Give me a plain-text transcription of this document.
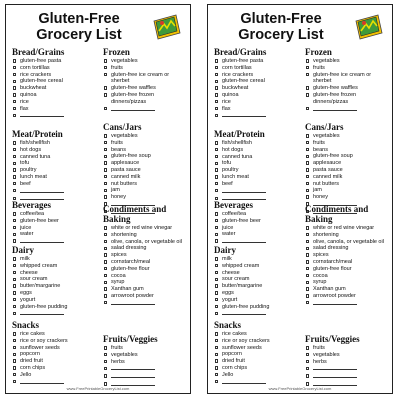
Gluten-Free
Grocery List
Bread/Grains
gluten-free pasta
corn tortillas
rice crackers
gluten-free cereal
buckwheat
quinoa
rice
flax
Meat/Protein
fish/shellfish
hot dogs
canned tuna
tofu
poultry
lunch meat
beef
Beverages
coffee/tea
gluten-free beer
juice
water
Dairy
milk
whipped cream
cheese
sour cream
butter/margarine
eggs
yogurt
gluten-free pudding
Snacks
rice cakes
rice or soy crackers
sunflower seeds
popcorn
dried fruit
corn chips
Jello
Frozen
vegetables
fruits
gluten-free ice cream or sherbet
gluten-free waffles
gluten-free frozen dinners/pizzas
Cans/Jars
vegetables
fruits
beans
gluten-free soup
applesauce
pasta sauce
canned milk
nut butters
jam
honey
Condiments and Baking
white or red wine vinegar
shortening
olive, canola, or vegetable oil
salad dressing
spices
cornstarch/meal
gluten-free flour
cocoa
syrup
Xanthan gum
arrowroot powder
Fruits/Veggies
fruits
vegetables
herbs
www.FreePrintableGroceryList.com
Gluten-Free
Grocery List
Bread/Grains
gluten-free pasta
corn tortillas
rice crackers
gluten-free cereal
buckwheat
quinoa
rice
flax
Meat/Protein
fish/shellfish
hot dogs
canned tuna
tofu
poultry
lunch meat
beef
Beverages
coffee/tea
gluten-free beer
juice
water
Dairy
milk
whipped cream
cheese
sour cream
butter/margarine
eggs
yogurt
gluten-free pudding
Snacks
rice cakes
rice or soy crackers
sunflower seeds
popcorn
dried fruit
corn chips
Jello
Frozen
vegetables
fruits
gluten-free ice cream or sherbet
gluten-free waffles
gluten-free frozen dinners/pizzas
Cans/Jars
vegetables
fruits
beans
gluten-free soup
applesauce
pasta sauce
canned milk
nut butters
jam
honey
Condiments and Baking
white or red wine vinegar
shortening
olive, canola, or vegetable oil
salad dressing
spices
cornstarch/meal
gluten-free flour
cocoa
syrup
Xanthan gum
arrowroot powder
Fruits/Veggies
fruits
vegetables
herbs
www.FreePrintableGroceryList.com
